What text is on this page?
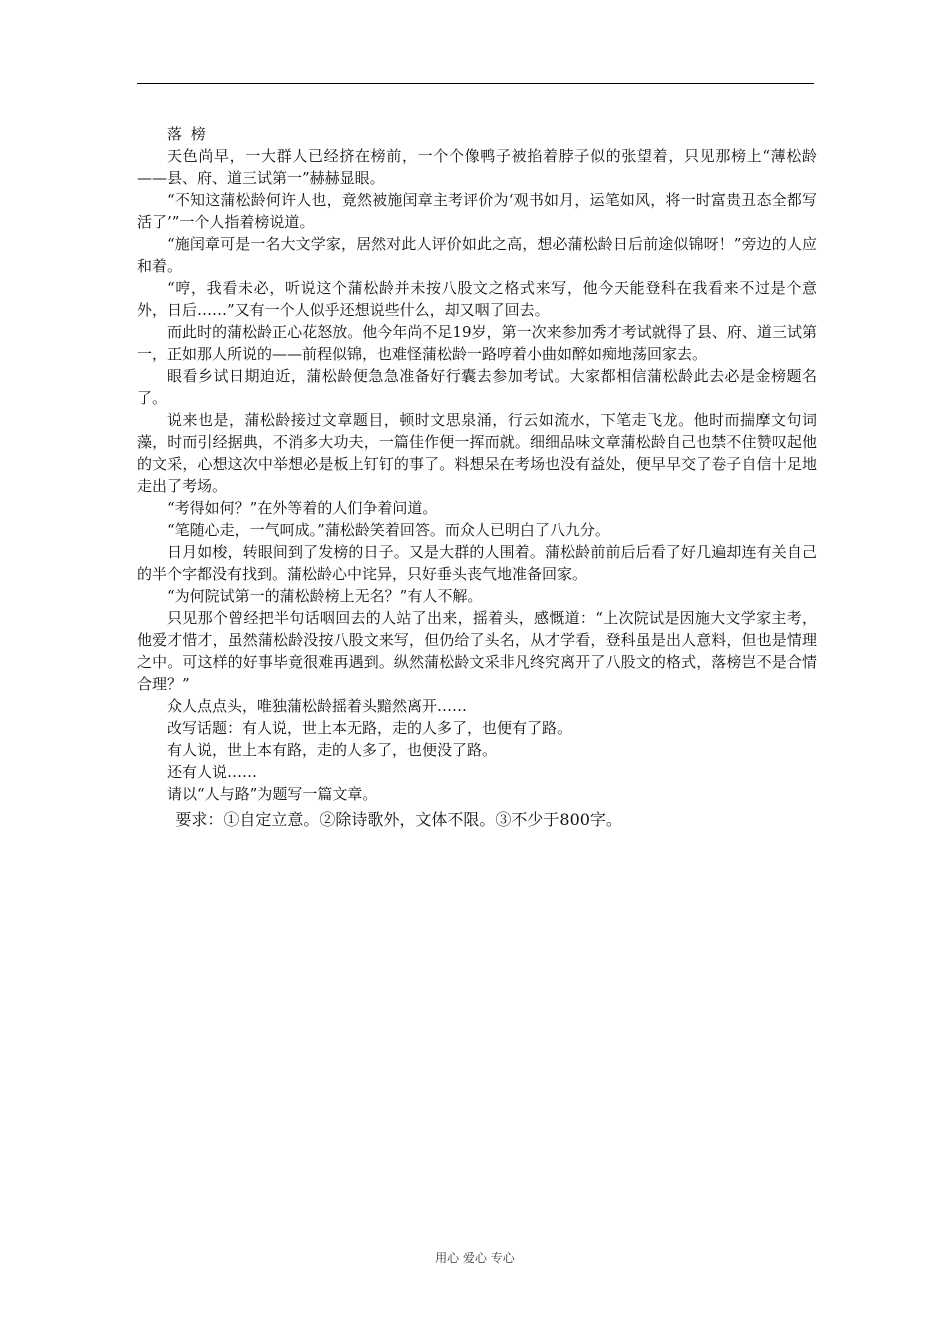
落 榜

天色尚早，一大群人已经挤在榜前，一个个像鸭子被掐着脖子似的张望着，只见那榜上“薄松龄——县、府、道三试第一”赫赫显眼。

“不知这蒲松龄何许人也，竟然被施闰章主考评价为‘观书如月，运笔如风，将一时富贵丑态全都写活了’”一个人指着榜说道。

“施闰章可是一名大文学家，居然对此人评价如此之高，想必蒲松龄日后前途似锦呀！”旁边的人应和着。

“哼，我看未必，听说这个蒲松龄并未按八股文之格式来写，他今天能登科在我看来不过是个意外，日后……”又有一个人似乎还想说些什么，却又咽了回去。

而此时的蒲松龄正心花怒放。他今年尚不足19岁，第一次来参加秀才考试就得了县、府、道三试第一，正如那人所说的——前程似锦，也难怪蒲松龄一路哼着小曲如醉如痴地荡回家去。

眼看乡试日期迫近，蒲松龄便急急准备好行囊去参加考试。大家都相信蒲松龄此去必是金榜题名了。

说来也是，蒲松龄接过文章题目，顿时文思泉涌，行云如流水，下笔走飞龙。他时而揣摩文句词藻，时而引经据典，不消多大功夫，一篇佳作便一挥而就。细细品味文章蒲松龄自己也禁不住赞叹起他的文采，心想这次中举想必是板上钉钉的事了。料想呆在考场也没有益处，便早早交了卷子自信十足地走出了考场。

“考得如何？”在外等着的人们争着问道。

“笔随心走，一气呵成。”蒲松龄笑着回答。而众人已明白了八九分。

日月如梭，转眼间到了发榜的日子。又是大群的人围着。蒲松龄前前后后看了好几遍却连有关自己的半个字都没有找到。蒲松龄心中诧异，只好垂头丧气地准备回家。

“为何院试第一的蒲松龄榜上无名？”有人不解。

只见那个曾经把半句话咽回去的人站了出来，摇着头，感慨道：“上次院试是因施大文学家主考，他爱才惜才，虽然蒲松龄没按八股文来写，但仍给了头名，从才学看，登科虽是出人意料，但也是情理之中。可这样的好事毕竟很难再遇到。纵然蒲松龄文采非凡终究离开了八股文的格式，落榜岂不是合情合理？”

众人点点头，唯独蒲松龄摇着头黯然离开……

改写话题：有人说，世上本无路，走的人多了，也便有了路。

有人说，世上本有路，走的人多了，也便没了路。

还有人说……

请以“人与路”为题写一篇文章。

要求：①自定立意。②除诗歌外，文体不限。③不少于800字。

用心 爱心 专心
